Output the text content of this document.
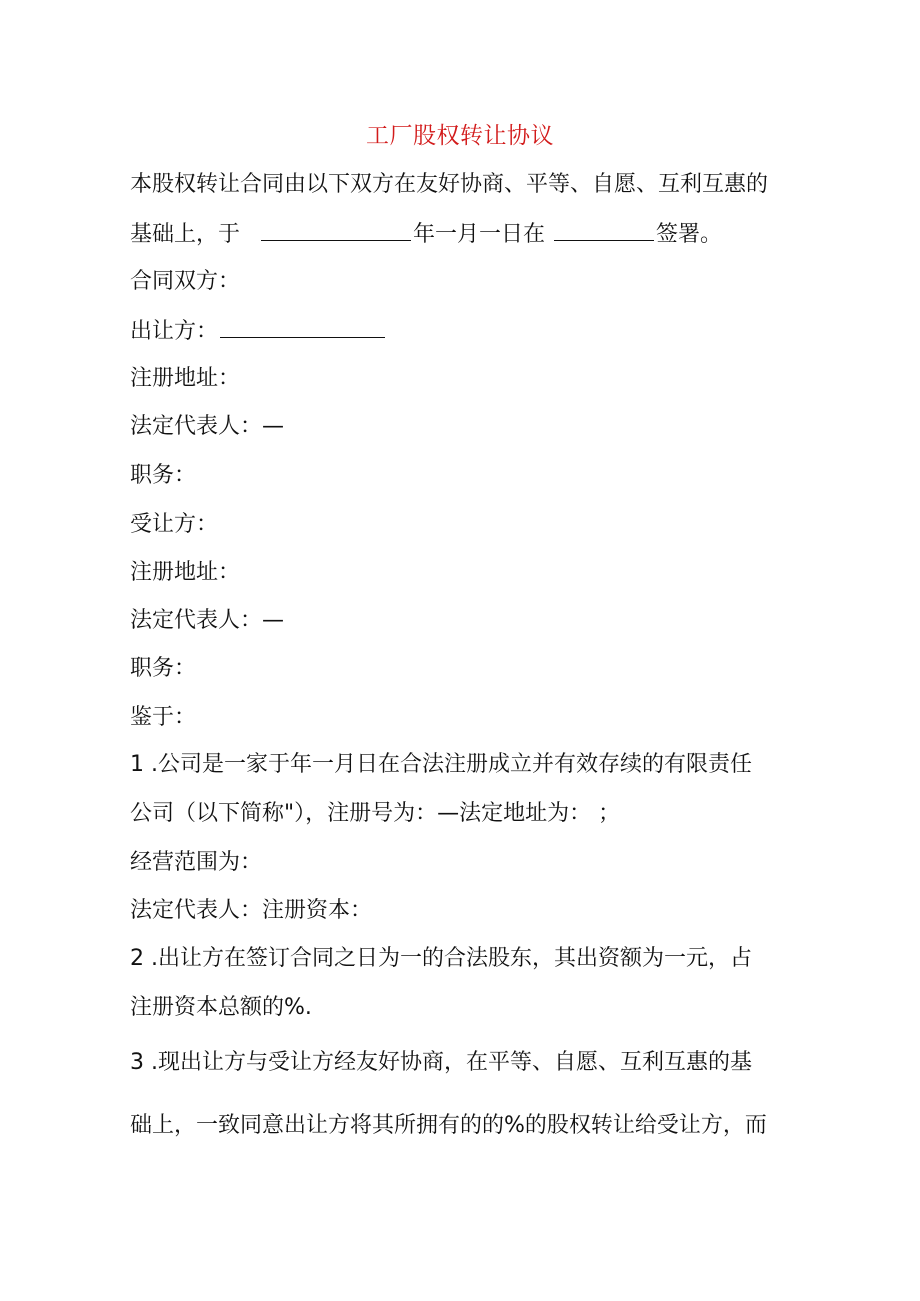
工厂股权转让协议
本股权转让合同由以下双方在友好协商、平等、自愿、互利互惠的
基础上，于	年一月一日在	签署。
合同双方：
出让方：
注册地址：
法定代表人：—
职务：
受让方：
注册地址：
法定代表人：—
职务：
鉴于：
1 .公司是一家于年一月日在合法注册成立并有效存续的有限责任
公司（以下简称"），注册号为：—法定地址为： ；
经营范围为：
法定代表人：注册资本：
2 .出让方在签订合同之日为一的合法股东，其出资额为一元，占
注册资本总额的%.
3 .现出让方与受让方经友好协商，在平等、自愿、互利互惠的基
础上，一致同意出让方将其所拥有的的%的股权转让给受让方，而
